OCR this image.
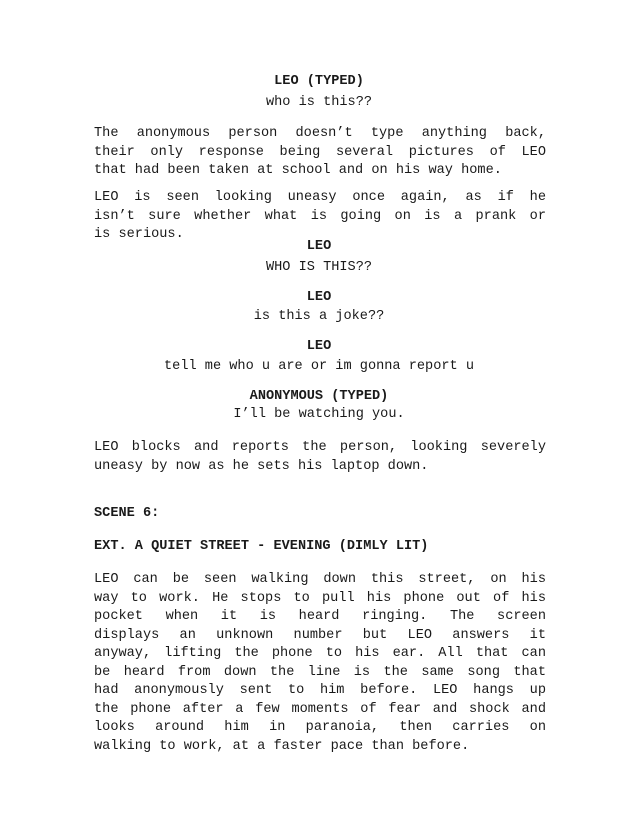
LEO (TYPED)
who is this??
The anonymous person doesn’t type anything back,
their only response being several pictures of LEO
that had been taken at school and on his way home.
LEO is seen looking uneasy once again, as if he
isn’t sure whether what is going on is a prank or
is serious.
LEO
WHO IS THIS??
LEO
is this a joke??
LEO
tell me who u are or im gonna report u
ANONYMOUS (TYPED)
I’ll be watching you.
LEO blocks and reports the person, looking severely
uneasy by now as he sets his laptop down.
SCENE 6:
EXT. A QUIET STREET - EVENING (DIMLY LIT)
LEO can be seen walking down this street, on his
way to work. He stops to pull his phone out of his
pocket when it is heard ringing. The screen
displays an unknown number but LEO answers it
anyway, lifting the phone to his ear. All that can
be heard from down the line is the same song that
had anonymously sent to him before. LEO hangs up
the phone after a few moments of fear and shock and
looks around him in paranoia, then carries on
walking to work, at a faster pace than before.
